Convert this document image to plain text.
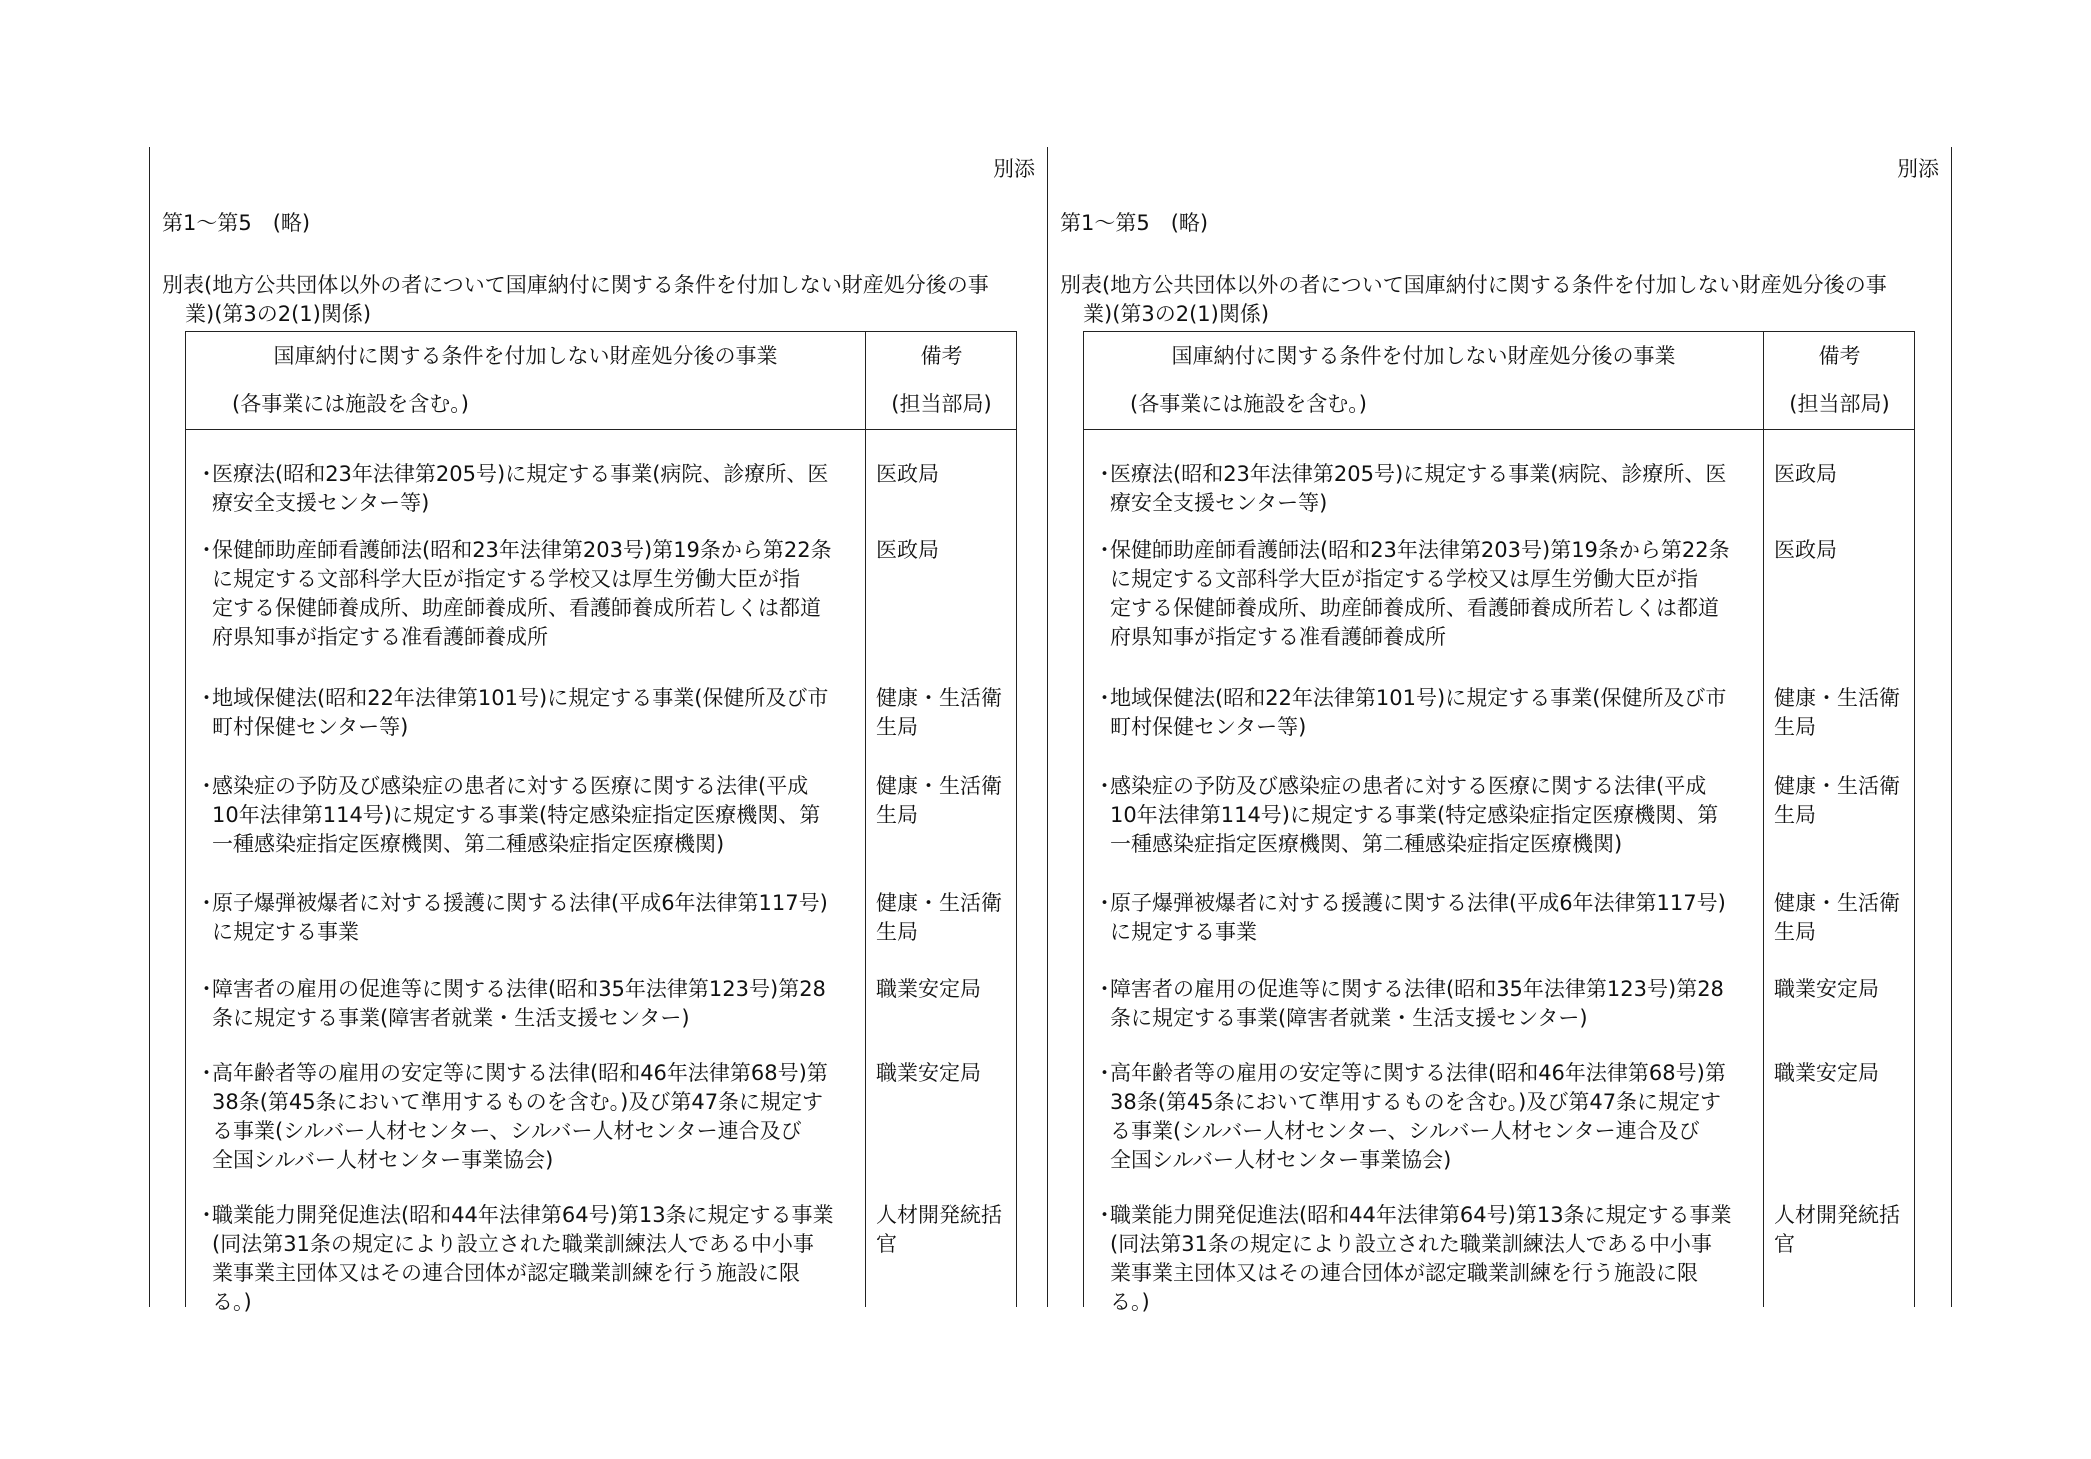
別添
第1～第5　(略)
別表(地方公共団体以外の者について国庫納付に関する条件を付加しない財産処分後の事
業)(第3の2(1)関係)
国庫納付に関する条件を付加しない財産処分後の事業
(各事業には施設を含む。)
備考
(担当部局)
・
医療法(昭和23年法律第205号)に規定する事業(病院、診療所、医
療安全支援センター等)
医政局
・
保健師助産師看護師法(昭和23年法律第203号)第19条から第22条
に規定する文部科学大臣が指定する学校又は厚生労働大臣が指
定する保健師養成所、助産師養成所、看護師養成所若しくは都道
府県知事が指定する准看護師養成所
医政局
・
地域保健法(昭和22年法律第101号)に規定する事業(保健所及び市
町村保健センター等)
健康・生活衛
生局
・
感染症の予防及び感染症の患者に対する医療に関する法律(平成
10年法律第114号)に規定する事業(特定感染症指定医療機関、第
一種感染症指定医療機関、第二種感染症指定医療機関)
健康・生活衛
生局
・
原子爆弾被爆者に対する援護に関する法律(平成6年法律第117号)
に規定する事業
健康・生活衛
生局
・
障害者の雇用の促進等に関する法律(昭和35年法律第123号)第28
条に規定する事業(障害者就業・生活支援センター)
職業安定局
・
高年齢者等の雇用の安定等に関する法律(昭和46年法律第68号)第
38条(第45条において準用するものを含む。)及び第47条に規定す
る事業(シルバー人材センター、シルバー人材センター連合及び
全国シルバー人材センター事業協会)
職業安定局
・
職業能力開発促進法(昭和44年法律第64号)第13条に規定する事業
(同法第31条の規定により設立された職業訓練法人である中小事
業事業主団体又はその連合団体が認定職業訓練を行う施設に限
る。)
人材開発統括
官
別添
第1～第5　(略)
別表(地方公共団体以外の者について国庫納付に関する条件を付加しない財産処分後の事
業)(第3の2(1)関係)
国庫納付に関する条件を付加しない財産処分後の事業
(各事業には施設を含む。)
備考
(担当部局)
・
医療法(昭和23年法律第205号)に規定する事業(病院、診療所、医
療安全支援センター等)
医政局
・
保健師助産師看護師法(昭和23年法律第203号)第19条から第22条
に規定する文部科学大臣が指定する学校又は厚生労働大臣が指
定する保健師養成所、助産師養成所、看護師養成所若しくは都道
府県知事が指定する准看護師養成所
医政局
・
地域保健法(昭和22年法律第101号)に規定する事業(保健所及び市
町村保健センター等)
健康・生活衛
生局
・
感染症の予防及び感染症の患者に対する医療に関する法律(平成
10年法律第114号)に規定する事業(特定感染症指定医療機関、第
一種感染症指定医療機関、第二種感染症指定医療機関)
健康・生活衛
生局
・
原子爆弾被爆者に対する援護に関する法律(平成6年法律第117号)
に規定する事業
健康・生活衛
生局
・
障害者の雇用の促進等に関する法律(昭和35年法律第123号)第28
条に規定する事業(障害者就業・生活支援センター)
職業安定局
・
高年齢者等の雇用の安定等に関する法律(昭和46年法律第68号)第
38条(第45条において準用するものを含む。)及び第47条に規定す
る事業(シルバー人材センター、シルバー人材センター連合及び
全国シルバー人材センター事業協会)
職業安定局
・
職業能力開発促進法(昭和44年法律第64号)第13条に規定する事業
(同法第31条の規定により設立された職業訓練法人である中小事
業事業主団体又はその連合団体が認定職業訓練を行う施設に限
る。)
人材開発統括
官
